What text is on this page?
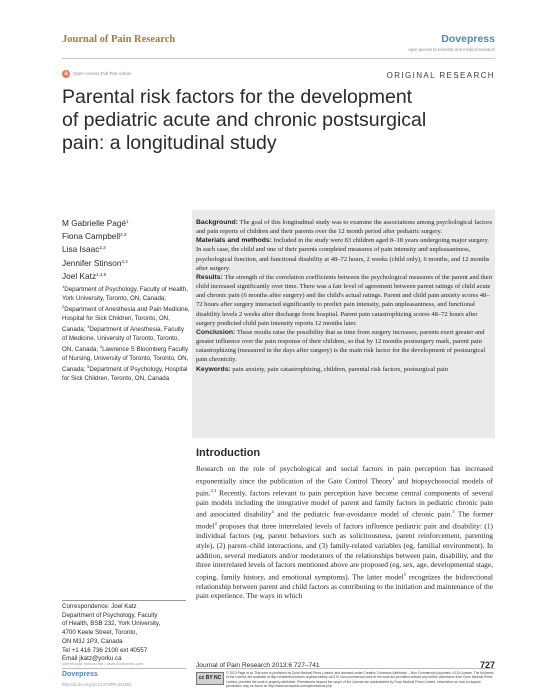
Journal of Pain Research	Dovepress
open access to scientific and medical research
a	Open Access Full Text Article	ORIGINAL RESEARCH
Parental risk factors for the development
of pediatric acute and chronic postsurgical
pain: a longitudinal study
M Gabrielle Pagé$^1$
Fiona Campbell$^{2,3}$
Lisa Isaac$^{2,3}$
Jennifer Stinson$^{2,4}$
Joel Katz$^{1,3,5}$
$^1$Department of Psychology, Faculty of Health, York University, Toronto, ON, Canada; $^2$Department of Anesthesia and Pain Medicine, Hospital for Sick Children, Toronto, ON, Canada; $^3$Department of Anesthesia, Faculty of Medicine, University of Toronto, Toronto, ON, Canada; $^4$Lawrence S Bloomberg Faculty of Nursing, University of Toronto, Toronto, ON, Canada; $^5$Department of Psychology, Hospital for Sick Children, Toronto, ON, Canada

Background: The goal of this longitudinal study was to examine the associations among psychological factors and pain reports of children and their parents over the 12 month period after pediatric surgery.

Materials and methods: Included in the study were 83 children aged 8–18 years undergoing major surgery. In each case, the child and one of their parents completed measures of pain intensity and unpleasantness, psychological function, and functional disability at 48–72 hours, 2 weeks (child only), 6 months, and 12 months after surgery.

Results: The strength of the correlation coefficients between the psychological measures of the parent and their child increased significantly over time. There was a fair level of agreement between parent ratings of child acute and chronic pain (6 months after surgery) and the child's actual ratings. Parent and child pain anxiety scores 48–72 hours after surgery interacted significantly to predict pain intensity, pain unpleasantness, and functional disability levels 2 weeks after discharge from hospital. Parent pain catastrophizing scores 48–72 hours after surgery predicted child pain intensity reports 12 months later.

Conclusion: These results raise the possibility that as time from surgery increases, parents exert greater and greater influence over the pain response of their children, so that by 12 months postsurgery mark, parent pain catastrophizing (measured in the days after surgery) is the main risk factor for the development of postsurgical pain chronicity.

Keywords: pain anxiety, pain catastrophizing, children, parental risk factors, postsurgical pain

Introduction
Research on the role of psychological and social factors in pain perception has increased exponentially since the publication of the Gate Control Theory$^1$ and biopsychosocial models of pain.$^{2,3}$ Recently, factors relevant to pain perception have become central components of several pain models including the integrative model of parent and family factors in pediatric chronic pain and associated disability$^4$ and the pediatric fear-avoidance model of chronic pain.$^5$ The former model$^4$ proposes that three interrelated levels of factors influence pediatric pain and disability: (1) individual factors (eg, parent behaviors such as solicitousness, parent reinforcement, parenting style), (2) parent–child interactions, and (3) family-related variables (eg, familial environment). In addition, several mediators and/or moderators of the relationships between pain, disability, and the three interrelated levels of factors mentioned above are proposed (eg, sex, age, developmental stage, coping, family history, and emotional symptoms). The latter model$^5$ recognizes the bidirectional relationship between parent and child factors as contributing to the initiation and maintenance of the pain experience. The ways in which
Correspondence: Joel Katz
Department of Psychology, Faculty
of Health, BSB 232, York University,
4700 Keele Street, Toronto,
ON M3J 1P3, Canada
Tel +1 416 736 2100 ext 40557
Email jkatz@yorku.ca
submit your manuscript | www.dovepress.com
Dovepress
http://dx.doi.org/10.2147/JPR.S51691
Journal of Pain Research 2013:6 727–741	727
cc BY NC
© 2013 Pagé et al. This work is published by Dove Medical Press Limited, and licensed under Creative Commons Attribution – Non Commercial (unported, v3.0) License. The full terms of the License are available at http://creativecommons.org/licenses/by-nc/3.0/. Non-commercial uses of the work are permitted without any further permission from Dove Medical Press Limited, provided the work is properly attributed. Permissions beyond the scope of the License are administered by Dove Medical Press Limited. Information on how to request permission may be found at: http://www.dovepress.com/permissions.php
